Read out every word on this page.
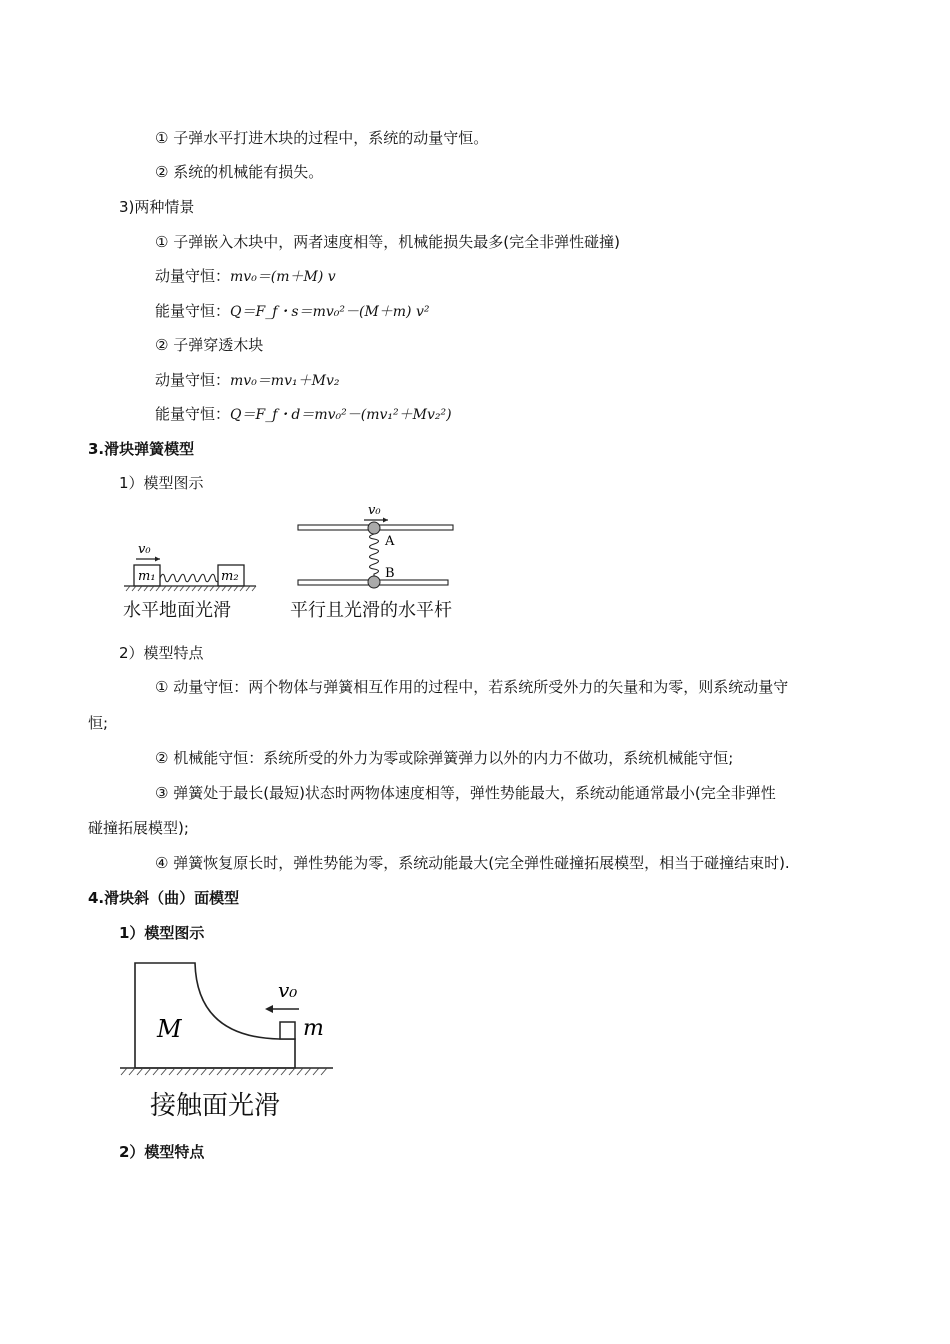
① 子弹水平打进木块的过程中，系统的动量守恒。
② 系统的机械能有损失。
3)两种情景
① 子弹嵌入木块中，两者速度相等，机械能损失最多(完全非弹性碰撞)
动量守恒：mv₀＝(m＋M) v
能量守恒：Q＝F_f・s＝mv₀²－(M＋m) v²
② 子弹穿透木块
动量守恒：mv₀＝mv₁＋Mv₂
能量守恒：Q＝F_f・d＝mv₀²－(mv₁²＋Mv₂²)
3.滑块弹簧模型
1）模型图示
v₀
m₁	m₂
水平地面光滑
v₀
A
B
平行且光滑的水平杆
2）模型特点
① 动量守恒：两个物体与弹簧相互作用的过程中，若系统所受外力的矢量和为零，则系统动量守
恒;
② 机械能守恒：系统所受的外力为零或除弹簧弹力以外的内力不做功，系统机械能守恒;
③ 弹簧处于最长(最短)状态时两物体速度相等，弹性势能最大，系统动能通常最小(完全非弹性
碰撞拓展模型);
④ 弹簧恢复原长时，弹性势能为零，系统动能最大(完全弹性碰撞拓展模型，相当于碰撞结束时).
4.滑块斜（曲）面模型
1）模型图示
M	m
v₀
接触面光滑
2）模型特点
